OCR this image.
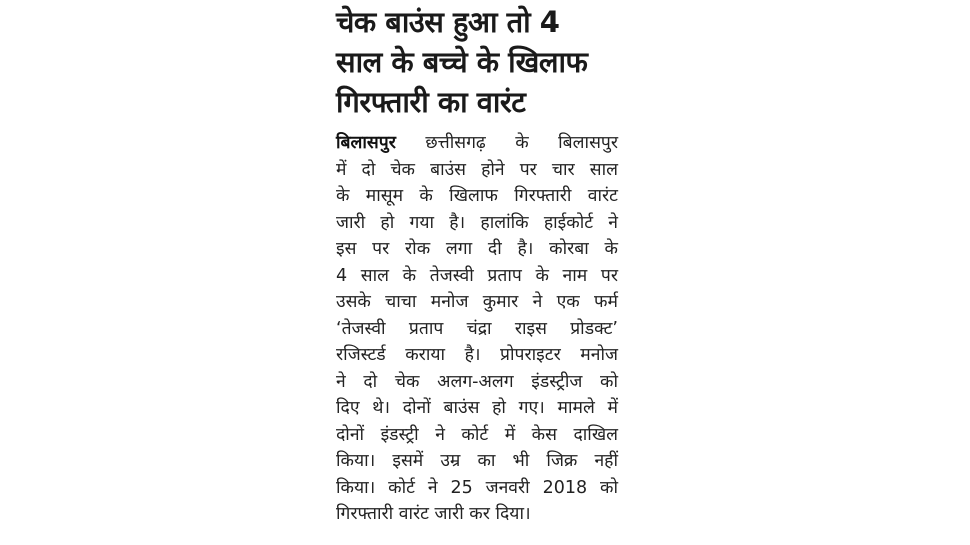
चेक बाउंस हुआ तो 4
साल के बच्चे के खिलाफ
गिरफ्तारी का वारंट
बिलासपुर छत्तीसगढ़ के बिलासपुर
में दो चेक बाउंस होने पर चार साल
के मासूम के खिलाफ गिरफ्तारी वारंट
जारी हो गया है। हालांकि हाईकोर्ट ने
इस पर रोक लगा दी है। कोरबा के
4 साल के तेजस्वी प्रताप के नाम पर
उसके चाचा मनोज कुमार ने एक फर्म
‘तेजस्वी प्रताप चंद्रा राइस प्रोडक्ट’
रजिस्टर्ड कराया है। प्रोपराइटर मनोज
ने दो चेक अलग-अलग इंडस्ट्रीज को
दिए थे। दोनों बाउंस हो गए। मामले में
दोनों इंडस्ट्री ने कोर्ट में केस दाखिल
किया। इसमें उम्र का भी जिक्र नहीं
किया। कोर्ट ने 25 जनवरी 2018 को
गिरफ्तारी वारंट जारी कर दिया।
